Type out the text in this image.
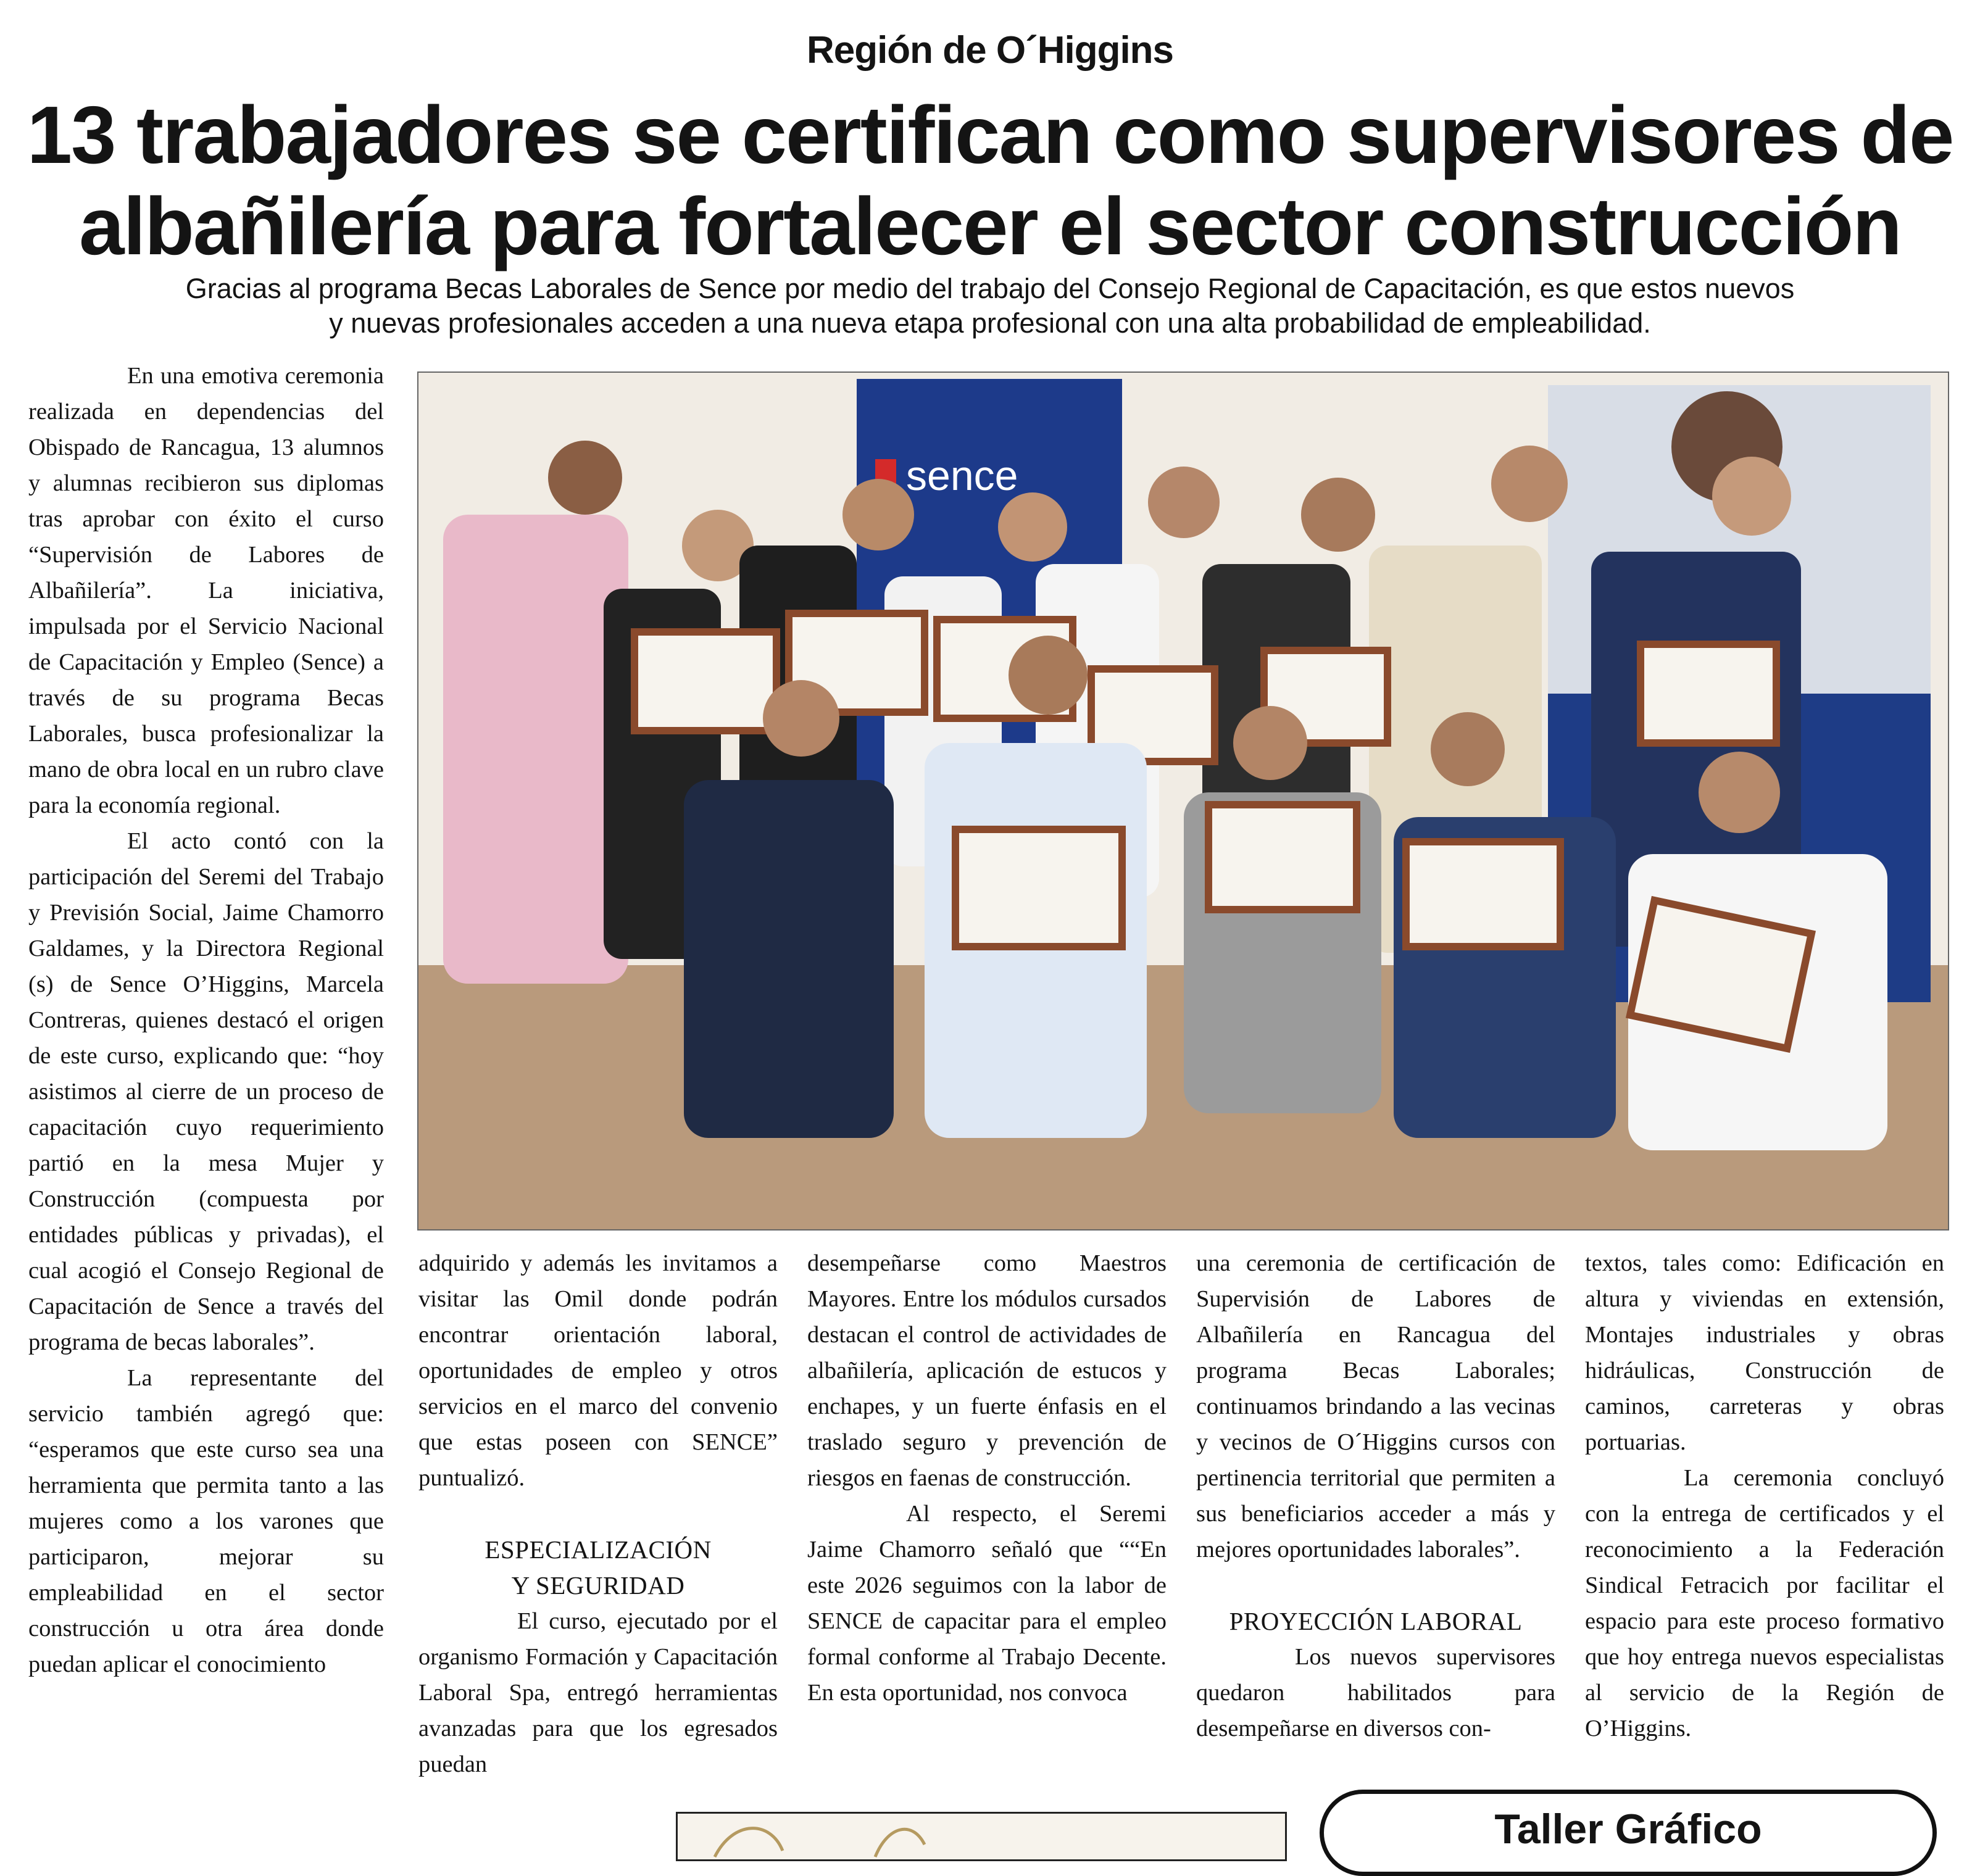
Región de O´Higgins
13 trabajadores se certifican como supervisores de
albañilería para fortalecer el sector construcción
Gracias al programa Becas Laborales de Sence por medio del trabajo del Consejo Regional de Capacitación, es que estos nuevos
y nuevas profesionales acceden a una nueva etapa profesional con una alta probabilidad de empleabilidad.

En una emotiva ceremonia realizada en dependencias del Obispado de Rancagua, 13 alumnos y alumnas recibieron sus diplomas tras aprobar con éxito el curso “Supervisión de Labores de Albañilería”. La iniciativa, impulsada por el Servicio Nacional de Capacitación y Empleo (Sence) a través de su programa Becas Laborales, busca profesionalizar la mano de obra local en un rubro clave para la economía regional.

El acto contó con la participación del Seremi del Trabajo y Previsión Social, Jaime Chamorro Galdames, y la Directora Regional (s) de Sence O’Higgins, Marcela Contreras, quienes destacó el origen de este curso, explicando que: “hoy asistimos al cierre de un proceso de capacitación cuyo requerimiento partió en la mesa Mujer y Construcción (compuesta por entidades públicas y privadas), el cual acogió el Consejo Regional de Capacitación de Sence a través del programa de becas laborales”.

La representante del servicio también agregó que: “esperamos que este curso sea una herramienta que permita tanto a las mujeres como a los varones que participaron, mejorar su empleabilidad en el sector construcción u otra área donde puedan aplicar el conocimiento

sence

adquirido y además les invitamos a visitar las Omil donde podrán encontrar orientación laboral, oportunidades de empleo y otros servicios en el marco del convenio que estas poseen con SENCE” puntualizó.

ESPECIALIZACIÓN
Y SEGURIDAD

El curso, ejecutado por el organismo Formación y Capacitación Laboral Spa, entregó herramientas avanzadas para que los egresados puedan

desempeñarse como Maestros Mayores. Entre los módulos cursados destacan el control de actividades de albañilería, aplicación de estucos y enchapes, y un fuerte énfasis en el traslado seguro y prevención de riesgos en faenas de construcción.

Al respecto, el Seremi Jaime Chamorro señaló que ““En este 2026 seguimos con la labor de SENCE de capacitar para el empleo formal conforme al Trabajo Decente. En esta oportunidad, nos convoca

una ceremonia de certificación de Supervisión de Labores de Albañilería en Rancagua del programa Becas Laborales; continuamos brindando a las vecinas y vecinos de O´Higgins cursos con pertinencia territorial que permiten a sus beneficiarios acceder a más y mejores oportunidades laborales”.

PROYECCIÓN LABORAL

Los nuevos supervisores quedaron habilitados para desempeñarse en diversos con-

textos, tales como: Edificación en altura y viviendas en extensión, Montajes industriales y obras hidráulicas, Construcción de caminos, carreteras y obras portuarias.

La ceremonia concluyó con la entrega de certificados y el reconocimiento a la Federación Sindical Fetracich por facilitar el espacio para este proceso formativo que hoy entrega nuevos especialistas al servicio de la Región de O’Higgins.

Taller Gráfico
